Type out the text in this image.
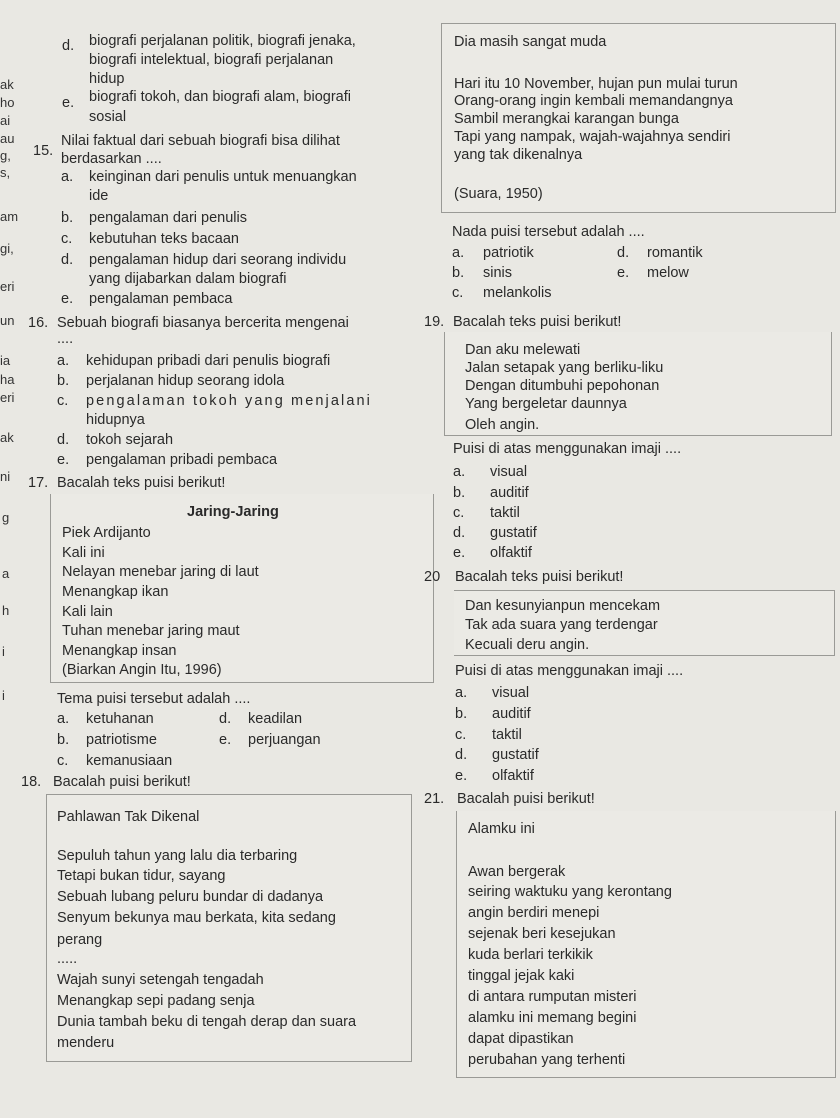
ak
ho
ai
au
g,
s,
am
gi,
eri
un
ia
ha
eri
ak
ni
g
a
h
i
i
d. biografi perjalanan politik, biografi jenaka,
biografi intelektual, biografi perjalanan
hidup
e. biografi tokoh, dan biografi alam, biografi
sosial
15.
Nilai faktual dari sebuah biografi bisa dilihat
berdasarkan ....
a. keinginan dari penulis untuk menuangkan
ide
b. pengalaman dari penulis
c. kebutuhan teks bacaan
d. pengalaman hidup dari seorang individu
yang dijabarkan dalam biografi
e. pengalaman pembaca
16. Sebuah biografi biasanya bercerita mengenai
....
a. kehidupan pribadi dari penulis biografi
b. perjalanan hidup seorang idola
c. pengalaman tokoh yang menjalani
hidupnya
d. tokoh sejarah
e. pengalaman pribadi pembaca
17. Bacalah teks puisi berikut!
Jaring-Jaring
Piek Ardijanto
Kali ini
Nelayan menebar jaring di laut
Menangkap ikan
Kali lain
Tuhan menebar jaring maut
Menangkap insan
(Biarkan Angin Itu, 1996)
Tema puisi tersebut adalah ....
a. ketuhanan	d. keadilan
b. patriotisme	e. perjuangan
c. kemanusiaan
18. Bacalah puisi berikut!
Pahlawan Tak Dikenal
Sepuluh tahun yang lalu dia terbaring
Tetapi bukan tidur, sayang
Sebuah lubang peluru bundar di dadanya
Senyum bekunya mau berkata, kita sedang
perang
.....
Wajah sunyi setengah tengadah
Menangkap sepi padang senja
Dunia tambah beku di tengah derap dan suara
menderu
Dia masih sangat muda
Hari itu 10 November, hujan pun mulai turun
Orang-orang ingin kembali memandangnya
Sambil merangkai karangan bunga
Tapi yang nampak, wajah-wajahnya sendiri
yang tak dikenalnya
(Suara, 1950)
Nada puisi tersebut adalah ....
a. patriotik	d. romantik
b. sinis	e. melow
c. melankolis
19. Bacalah teks puisi berikut!
Dan aku melewati
Jalan setapak yang berliku-liku
Dengan ditumbuhi pepohonan
Yang bergeletar daunnya
Oleh angin.
Puisi di atas menggunakan imaji ....
a. visual
b. auditif
c. taktil
d. gustatif
e. olfaktif
20 Bacalah teks puisi berikut!
Dan kesunyianpun mencekam
Tak ada suara yang terdengar
Kecuali deru angin.
Puisi di atas menggunakan imaji ....
a. visual
b. auditif
c. taktil
d. gustatif
e. olfaktif
21. Bacalah puisi berikut!
Alamku ini
Awan bergerak
seiring waktuku yang kerontang
angin berdiri menepi
sejenak beri kesejukan
kuda berlari terkikik
tinggal jejak kaki
di antara rumputan misteri
alamku ini memang begini
dapat dipastikan
perubahan yang terhenti
